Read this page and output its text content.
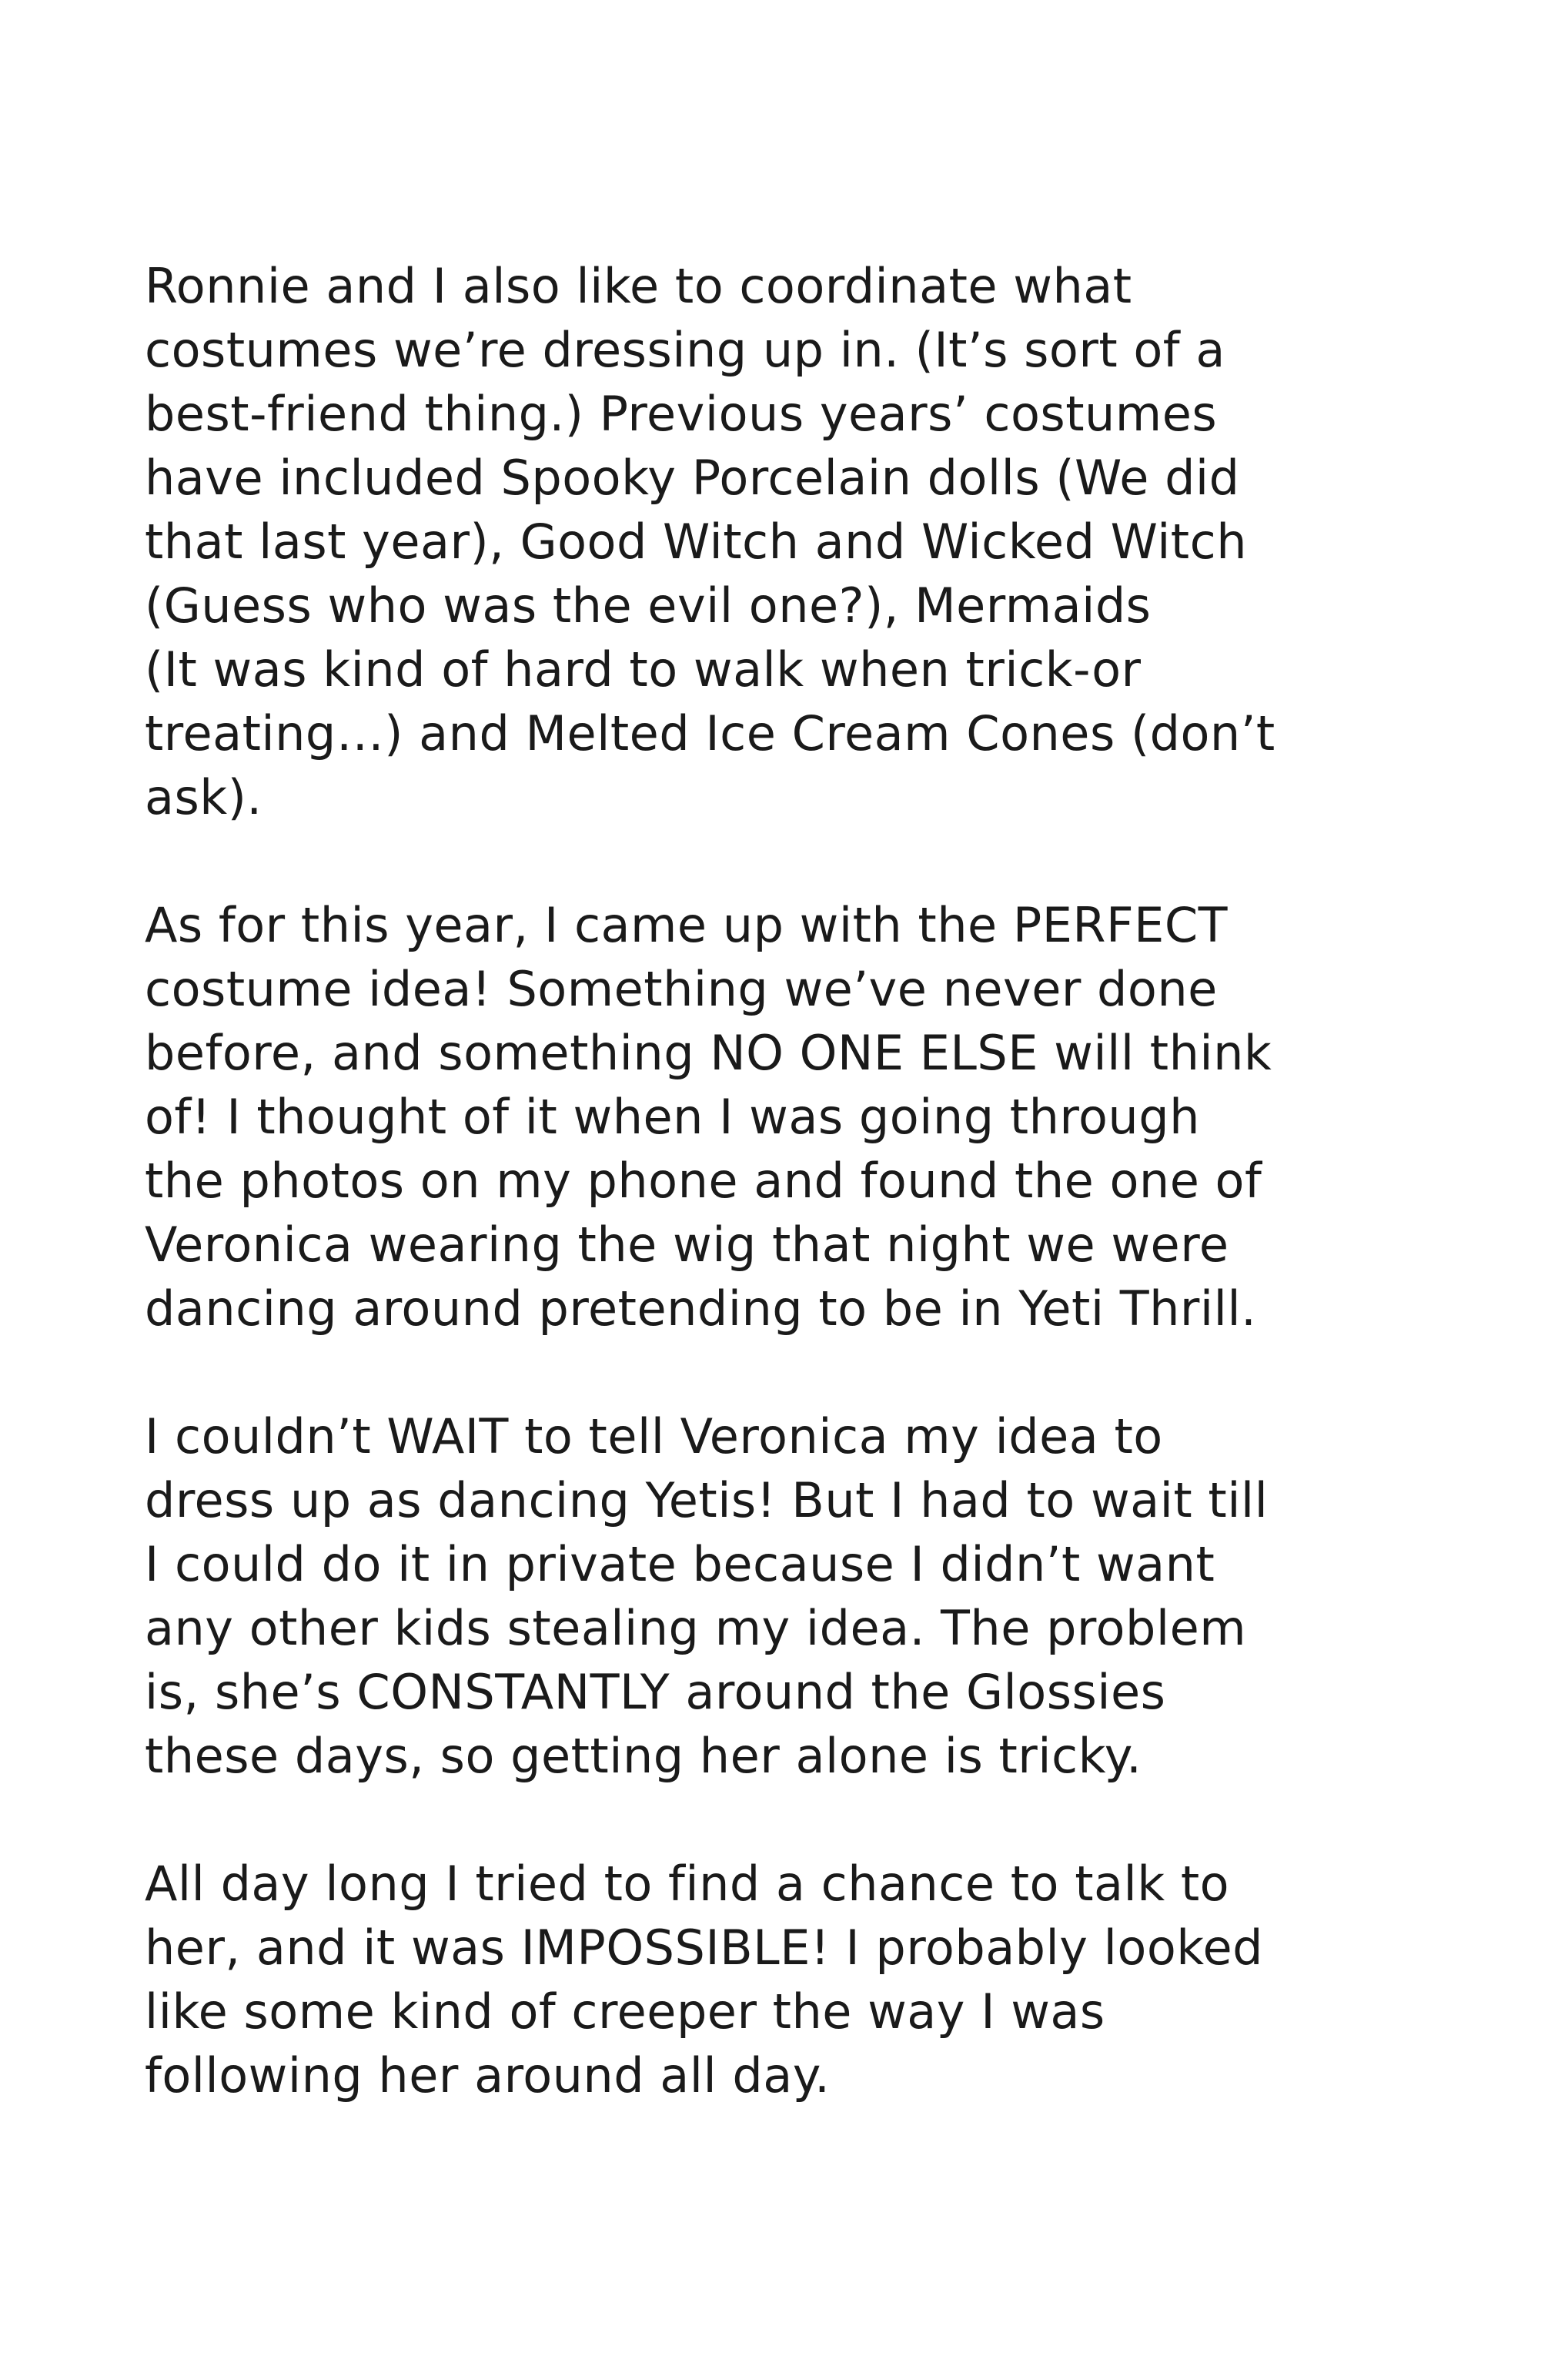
Ronnie and I also like to coordinate what
costumes we’re dressing up in. (It’s sort of a
best-friend thing.) Previous years’ costumes
have included Spooky Porcelain dolls (We did
that last year), Good Witch and Wicked Witch
(Guess who was the evil one?), Mermaids
(It was kind of hard to walk when trick-or
treating…) and Melted Ice Cream Cones (don’t
ask).

As for this year, I came up with the PERFECT
costume idea! Something we’ve never done
before, and something NO ONE ELSE will think
of! I thought of it when I was going through
the photos on my phone and found the one of
Veronica wearing the wig that night we were
dancing around pretending to be in Yeti Thrill.

I couldn’t WAIT to tell Veronica my idea to
dress up as dancing Yetis! But I had to wait till
I could do it in private because I didn’t want
any other kids stealing my idea. The problem
is, she’s CONSTANTLY around the Glossies
these days, so getting her alone is tricky.

All day long I tried to find a chance to talk to
her, and it was IMPOSSIBLE! I probably looked
like some kind of creeper the way I was
following her around all day.
